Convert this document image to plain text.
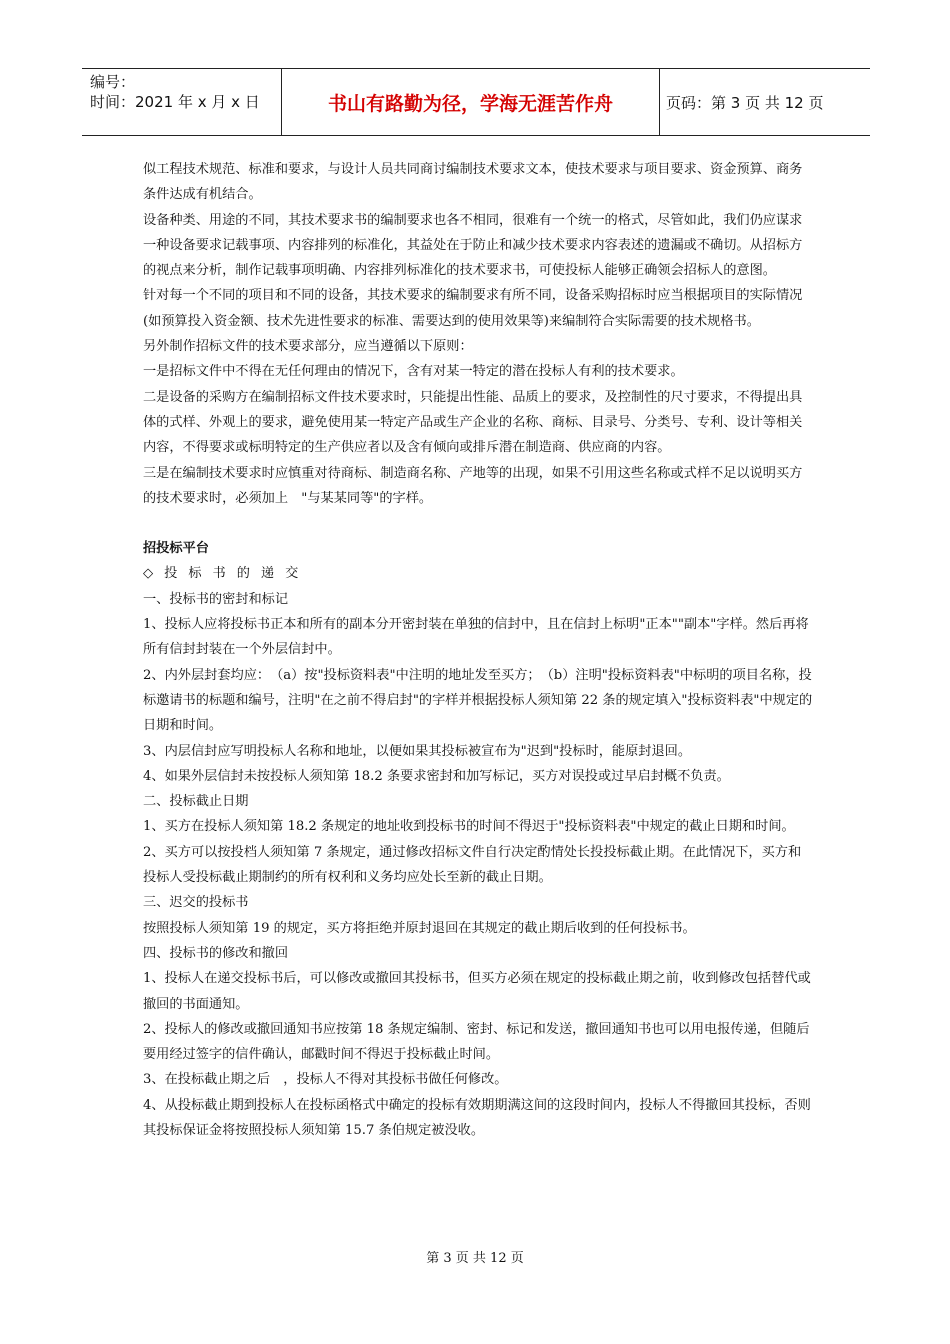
编号：
时间：2021 年 x 月 x 日	书山有路勤为径，学海无涯苦作舟	页码：第 3 页 共 12 页

似工程技术规范、标准和要求，与设计人员共同商讨编制技术要求文本，使技术要求与项目要求、资金预算、商务条件达成有机结合。

设备种类、用途的不同，其技术要求书的编制要求也各不相同，很难有一个统一的格式，尽管如此，我们仍应谋求一种设备要求记载事项、内容排列的标准化，其益处在于防止和减少技术要求内容表述的遗漏或不确切。从招标方的视点来分析，制作记载事项明确、内容排列标准化的技术要求书，可使投标人能够正确领会招标人的意图。

针对每一个不同的项目和不同的设备，其技术要求的编制要求有所不同，设备采购招标时应当根据项目的实际情况　(如预算投入资金额、技术先进性要求的标准、需要达到的使用效果等)来编制符合实际需要的技术规格书。

另外制作招标文件的技术要求部分，应当遵循以下原则：

一是招标文件中不得在无任何理由的情况下，含有对某一特定的潜在投标人有利的技术要求。

二是设备的采购方在编制招标文件技术要求时，只能提出性能、品质上的要求，及控制性的尺寸要求，不得提出具体的式样、外观上的要求，避免使用某一特定产品或生产企业的名称、商标、目录号、分类号、专利、设计等相关内容，不得要求或标明特定的生产供应者以及含有倾向或排斥潜在制造商、供应商的内容。

三是在编制技术要求时应慎重对待商标、制造商名称、产地等的出现，如果不引用这些名称或式样不足以说明买方的技术要求时，必须加上　"与某某同等"的字样。

招投标平台

◇投标书的递交

一、投标书的密封和标记

1、投标人应将投标书正本和所有的副本分开密封装在单独的信封中，且在信封上标明"正本""副本"字样。然后再将所有信封封装在一个外层信封中。

2、内外层封套均应：　（a）按"投标资料表"中注明的地址发至买方；　（b）注明"投标资料表"中标明的项目名称，投标邀请书的标题和编号，注明"在之前不得启封"的字样并根据投标人须知第 22 条的规定填入"投标资料表"中规定的日期和时间。

3、内层信封应写明投标人名称和地址，以便如果其投标被宣布为"迟到"投标时，能原封退回。

4、如果外层信封未按投标人须知第 18.2 条要求密封和加写标记，买方对误投或过早启封概不负责。

二、投标截止日期

1、买方在投标人须知第 18.2 条规定的地址收到投标书的时间不得迟于"投标资料表"中规定的截止日期和时间。

2、买方可以按投档人须知第 7 条规定，通过修改招标文件自行决定酌情处长投投标截止期。在此情况下，买方和投标人受投标截止期制约的所有权利和义务均应处长至新的截止日期。

三、迟交的投标书

按照投标人须知第 19 的规定，买方将拒绝并原封退回在其规定的截止期后收到的任何投标书。

四、投标书的修改和撤回

1、投标人在递交投标书后，可以修改或撤回其投标书，但买方必须在规定的投标截止期之前，收到修改包括替代或撤回的书面通知。

2、投标人的修改或撤回通知书应按第 18 条规定编制、密封、标记和发送，撤回通知书也可以用电报传递，但随后要用经过签字的信件确认，邮戳时间不得迟于投标截止时间。

3、在投标截止期之后　，投标人不得对其投标书做任何修改。

4、从投标截止期到投标人在投标函格式中确定的投标有效期期满这间的这段时间内，投标人不得撤回其投标，否则其投标保证金将按照投标人须知第 15.7 条伯规定被没收。

第 3 页 共 12 页
